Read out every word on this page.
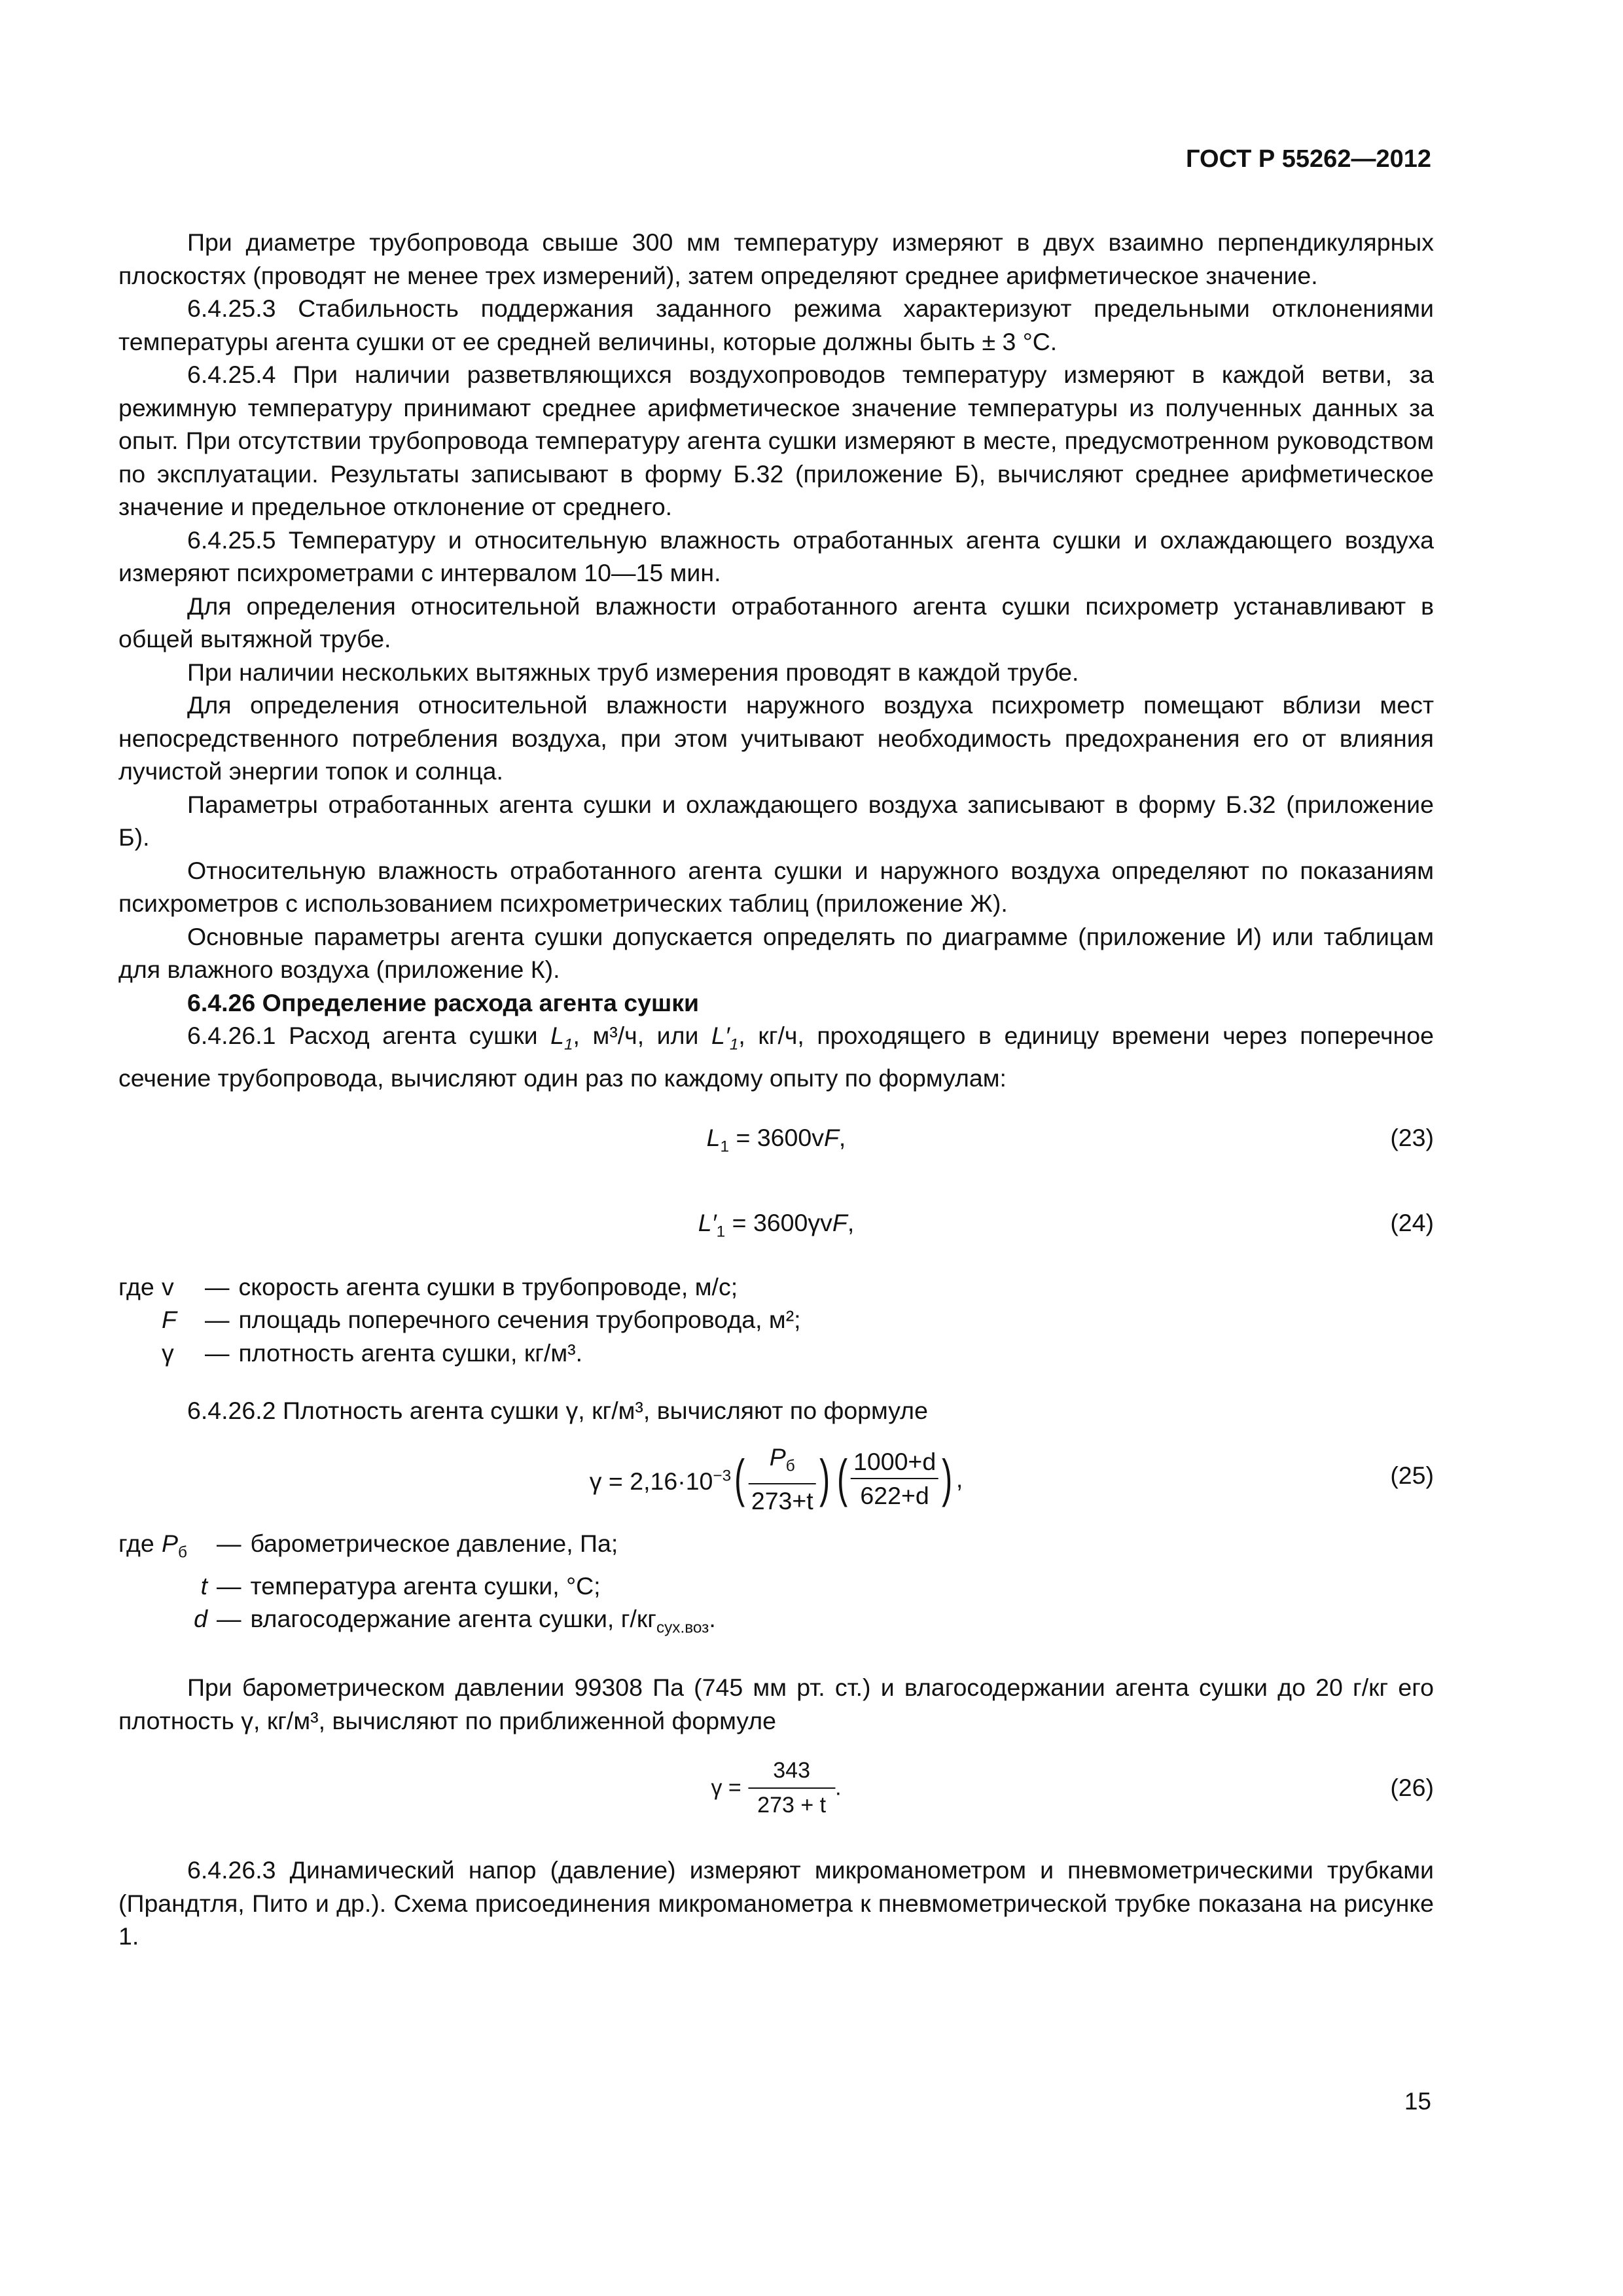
ГОСТ Р 55262—2012

При диаметре трубопровода свыше 300 мм температуру измеряют в двух взаимно перпендикулярных плоскостях (проводят не менее трех измерений), затем определяют среднее арифметическое значение.

6.4.25.3 Стабильность поддержания заданного режима характеризуют предельными отклонениями температуры агента сушки от ее средней величины, которые должны быть ± 3 °С.

6.4.25.4 При наличии разветвляющихся воздухопроводов температуру измеряют в каждой ветви, за режимную температуру принимают среднее арифметическое значение температуры из полученных данных за опыт. При отсутствии трубопровода температуру агента сушки измеряют в месте, предусмотренном руководством по эксплуатации. Результаты записывают в форму Б.32 (приложение Б), вычисляют среднее арифметическое значение и предельное отклонение от среднего.

6.4.25.5 Температуру и относительную влажность отработанных агента сушки и охлаждающего воздуха измеряют психрометрами с интервалом 10—15 мин.

Для определения относительной влажности отработанного агента сушки психрометр устанавливают в общей вытяжной трубе.

При наличии нескольких вытяжных труб измерения проводят в каждой трубе.

Для определения относительной влажности наружного воздуха психрометр помещают вблизи мест непосредственного потребления воздуха, при этом учитывают необходимость предохранения его от влияния лучистой энергии топок и солнца.

Параметры отработанных агента сушки и охлаждающего воздуха записывают в форму Б.32 (приложение Б).

Относительную влажность отработанного агента сушки и наружного воздуха определяют по показаниям психрометров с использованием психрометрических таблиц (приложение Ж).

Основные параметры агента сушки допускается определять по диаграмме (приложение И) или таблицам для влажного воздуха (приложение К).

6.4.26 Определение расхода агента сушки

6.4.26.1 Расход агента сушки $L_1$, м³/ч, или $L'_1$, кг/ч, проходящего в единицу времени через поперечное сечение трубопровода, вычисляют один раз по каждому опыту по формулам:

$L_1 = 3600vF$,	(23)
$L'_1 = 3600\gamma vF$,	(24)
где v	— скорость агента сушки в трубопроводе, м/с;
F	— площадь поперечного сечения трубопровода, м²;
γ	— плотность агента сушки, кг/м³.

6.4.26.2 Плотность агента сушки γ, кг/м³, вычисляют по формуле

$\gamma = 2,16\cdot 10^{-3}( \frac{P_б}{273+t}$ ) ( $\frac{1000+d}{622+d}$ ) ,	(25)
где $P_б$	— барометрическое давление, Па;
t — температура агента сушки, °С;
d — влагосодержание агента сушки, $г/кг_{сух.воз}$.

При барометрическом давлении 99308 Па (745 мм рт. ст.) и влагосодержании агента сушки до 20 г/кг его плотность γ, кг/м³, вычисляют по приближенной формуле

$\gamma = \frac{343}{273 + t}$ .	(26)

6.4.26.3 Динамический напор (давление) измеряют микроманометром и пневмометрическими трубками (Прандтля, Пито и др.). Схема присоединения микроманометра к пневмометрической трубке показана на рисунке 1.

15
